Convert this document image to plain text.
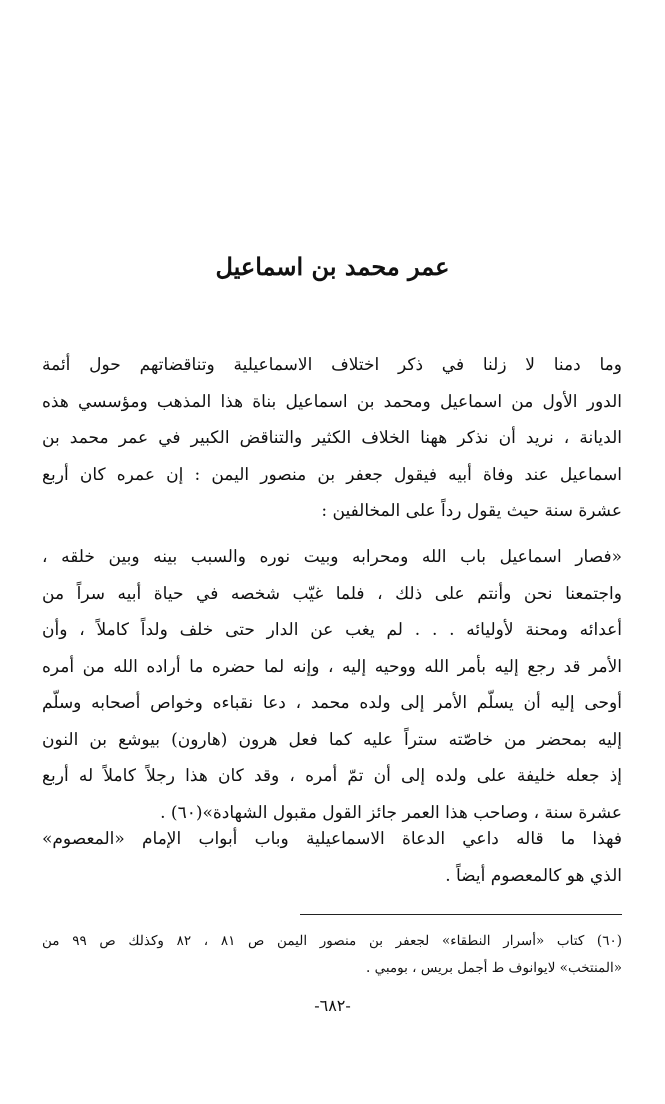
عمر محمد بن اسماعيل
وما دمنا لا زلنا في ذكر اختلاف الاسماعيلية وتناقضاتهم حول أئمة
الدور الأول من اسماعيل ومحمد بن اسماعيل بناة هذا المذهب ومؤسسي هذه
الديانة ، نريد أن نذكر ههنا الخلاف الكثير والتناقض الكبير في عمر محمد بن
اسماعيل عند وفاة أبيه فيقول جعفر بن منصور اليمن : إن عمره كان أربع
عشرة سنة حيث يقول رداً على المخالفين :
«فصار اسماعيل باب الله ومحرابه وبيت نوره والسبب بينه وبين خلقه ،
واجتمعنا نحن وأنتم على ذلك ، فلما غيّب شخصه في حياة أبيه سراً من
أعدائه ومحنة لأوليائه . . . لم يغب عن الدار حتى خلف ولداً كاملاً ، وأن
الأمر قد رجع إليه بأمر الله ووحيه إليه ، وإنه لما حضره ما أراده الله من أمره
أوحى إليه أن يسلّم الأمر إلى ولده محمد ، دعا نقباءه وخواص أصحابه وسلّم
إليه بمحضر من خاصّته ستراً عليه كما فعل هرون (هارون) بيوشع بن النون
إذ جعله خليفة على ولده إلى أن تمّ أمره ، وقد كان هذا رجلاً كاملاً له أربع
عشرة سنة ، وصاحب هذا العمر جائز القول مقبول الشهادة»(٦٠) .
فهذا ما قاله داعي الدعاة الاسماعيلية وباب أبواب الإمام «المعصوم»
الذي هو كالمعصوم أيضاً .
(٦٠) كتاب «أسرار النطقاء» لجعفر بن منصور اليمن ص ٨١ ، ٨٢ وكذلك ص ٩٩ من
«المنتخب» لايوانوف ط أجمل بريس ، بومبي .
-٦٨٢-
